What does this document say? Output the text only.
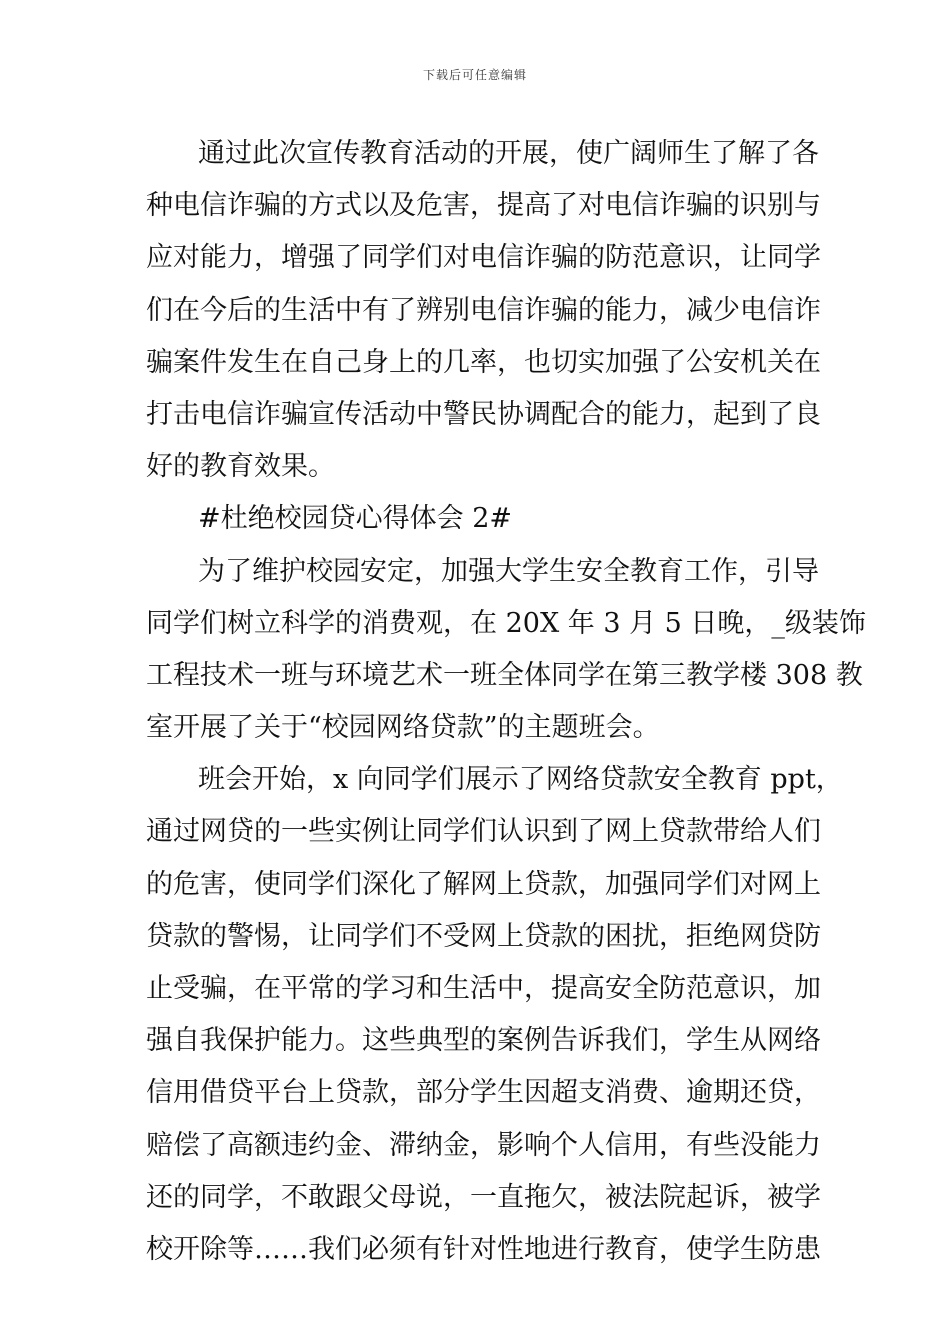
下载后可任意编辑
通过此次宣传教育活动的开展，使广阔师生了解了各
种电信诈骗的方式以及危害，提高了对电信诈骗的识别与
应对能力，增强了同学们对电信诈骗的防范意识，让同学
们在今后的生活中有了辨别电信诈骗的能力，减少电信诈
骗案件发生在自己身上的几率，也切实加强了公安机关在
打击电信诈骗宣传活动中警民协调配合的能力，起到了良
好的教育效果。
#杜绝校园贷心得体会 2#
为了维护校园安定，加强大学生安全教育工作，引导
同学们树立科学的消费观，在 20X 年 3 月 5 日晚，_级装饰
工程技术一班与环境艺术一班全体同学在第三教学楼 308 教
室开展了关于“校园网络贷款”的主题班会。
班会开始，x 向同学们展示了网络贷款安全教育 ppt，
通过网贷的一些实例让同学们认识到了网上贷款带给人们
的危害，使同学们深化了解网上贷款，加强同学们对网上
贷款的警惕，让同学们不受网上贷款的困扰，拒绝网贷防
止受骗，在平常的学习和生活中，提高安全防范意识，加
强自我保护能力。这些典型的案例告诉我们，学生从网络
信用借贷平台上贷款，部分学生因超支消费、逾期还贷，
赔偿了高额违约金、滞纳金，影响个人信用，有些没能力
还的同学，不敢跟父母说，一直拖欠，被法院起诉，被学
校开除等……我们必须有针对性地进行教育，使学生防患
